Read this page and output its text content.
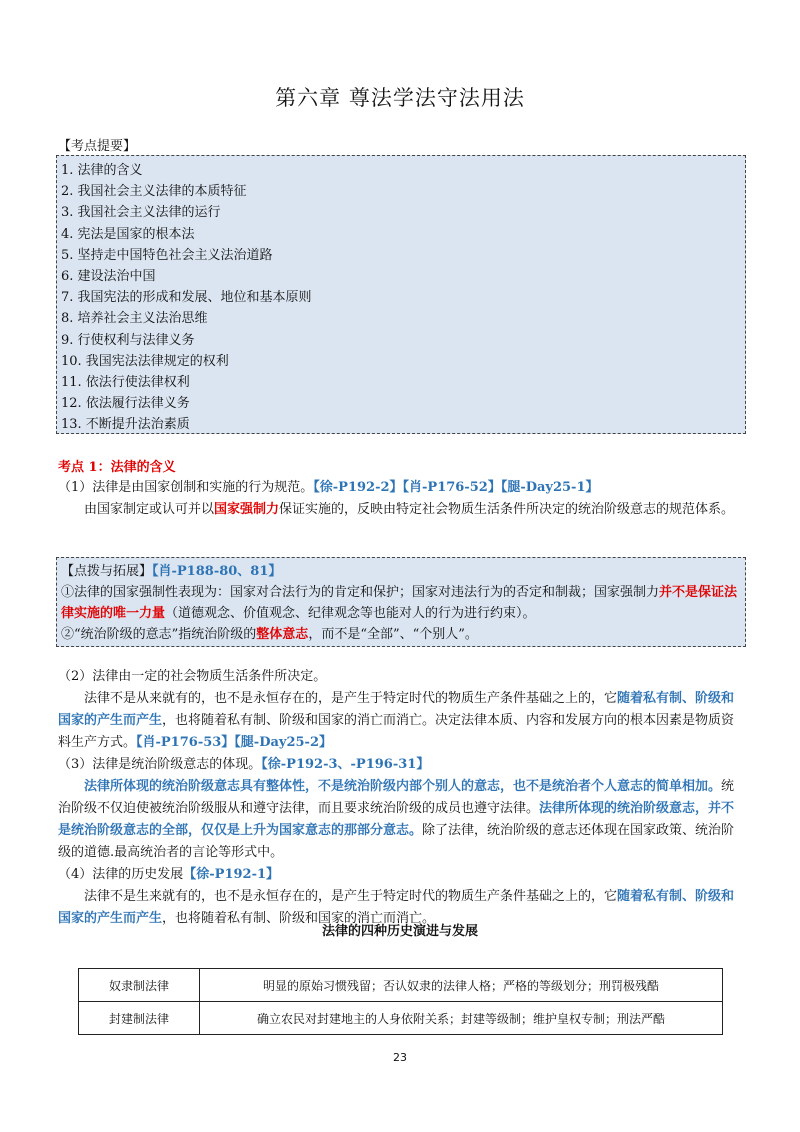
第六章 尊法学法守法用法
【考点提要】
1. 法律的含义
2. 我国社会主义法律的本质特征
3. 我国社会主义法律的运行
4. 宪法是国家的根本法
5. 坚持走中国特色社会主义法治道路
6. 建设法治中国
7. 我国宪法的形成和发展、地位和基本原则
8. 培养社会主义法治思维
9. 行使权利与法律义务
10. 我国宪法法律规定的权利
11. 依法行使法律权利
12. 依法履行法律义务
13. 不断提升法治素质
考点 1：法律的含义

（1）法律是由国家创制和实施的行为规范。【徐-P192-2】【肖-P176-52】【腿-Day25-1】

由国家制定或认可并以国家强制力保证实施的，反映由特定社会物质生活条件所决定的统治阶级意志的规范体系。

【点拨与拓展】【肖-P188-80、81】
①法律的国家强制性表现为：国家对合法行为的肯定和保护；国家对违法行为的否定和制裁；国家强制力并不是保证法律实施的唯一力量（道德观念、价值观念、纪律观念等也能对人的行为进行约束）。
②“统治阶级的意志”指统治阶级的整体意志，而不是“全部”、“个别人”。

（2）法律由一定的社会物质生活条件所决定。

法律不是从来就有的，也不是永恒存在的，是产生于特定时代的物质生产条件基础之上的，它随着私有制、阶级和国家的产生而产生，也将随着私有制、阶级和国家的消亡而消亡。决定法律本质、内容和发展方向的根本因素是物质资料生产方式。【肖-P176-53】【腿-Day25-2】

（3）法律是统治阶级意志的体现。【徐-P192-3、-P196-31】

法律所体现的统治阶级意志具有整体性，不是统治阶级内部个别人的意志，也不是统治者个人意志的简单相加。统治阶级不仅迫使被统治阶级服从和遵守法律，而且要求统治阶级的成员也遵守法律。法律所体现的统治阶级意志，并不是统治阶级意志的全部，仅仅是上升为国家意志的那部分意志。除了法律，统治阶级的意志还体现在国家政策、统治阶级的道德.最高统治者的言论等形式中。

（4）法律的历史发展【徐-P192-1】

法律不是生来就有的，也不是永恒存在的，是产生于特定时代的物质生产条件基础之上的，它随着私有制、阶级和国家的产生而产生，也将随着私有制、阶级和国家的消亡而消亡。

法律的四种历史演进与发展
奴隶制法律	明显的原始习惯残留；否认奴隶的法律人格；严格的等级划分；刑罚极残酷
封建制法律	确立农民对封建地主的人身依附关系；封建等级制；维护皇权专制；刑法严酷
23
